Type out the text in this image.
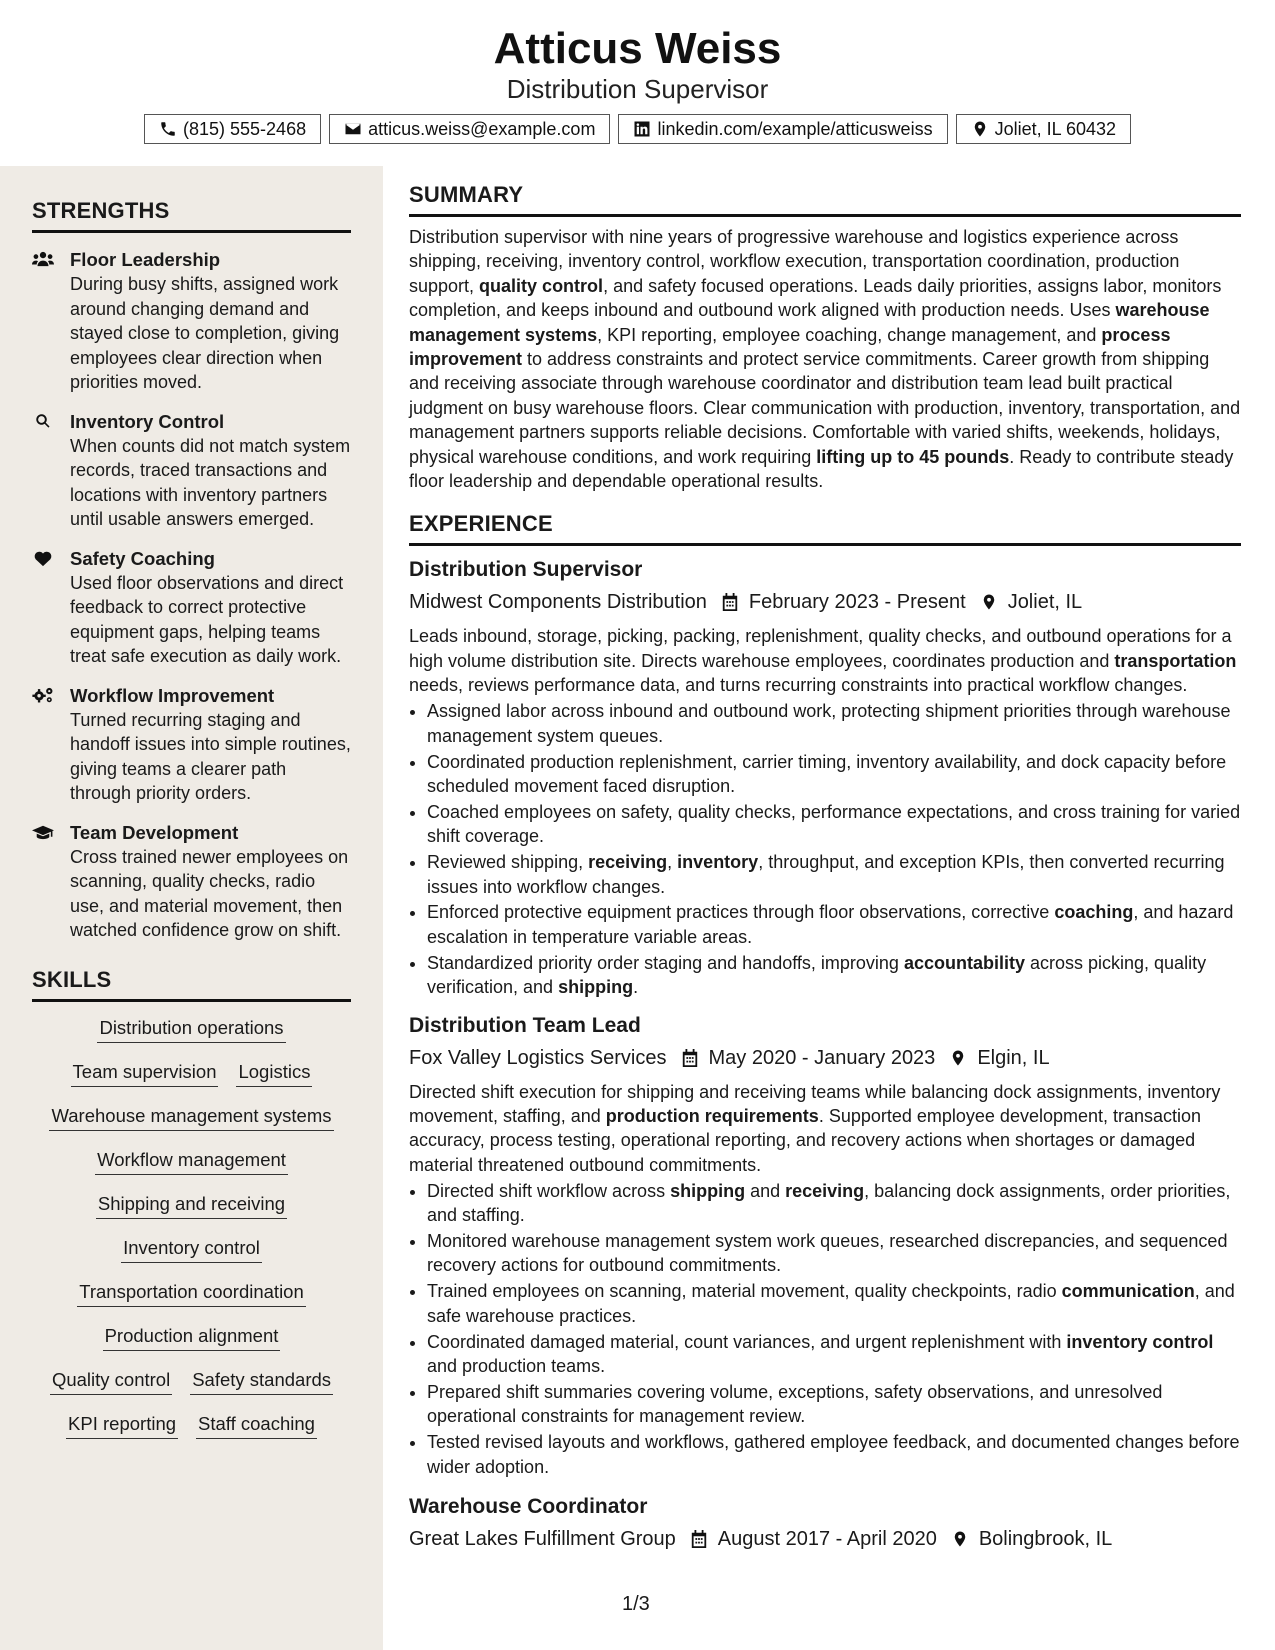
Atticus Weiss
Distribution Supervisor
(815) 555-2468	atticus.weiss@example.com	linkedin.com/example/atticusweiss	Joliet, IL 60432
STRENGTHS
Floor Leadership
During busy shifts, assigned work around changing demand and stayed close to completion, giving employees clear direction when priorities moved.
Inventory Control
When counts did not match system records, traced transactions and locations with inventory partners until usable answers emerged.
Safety Coaching
Used floor observations and direct feedback to correct protective equipment gaps, helping teams treat safe execution as daily work.
Workflow Improvement
Turned recurring staging and handoff issues into simple routines, giving teams a clearer path through priority orders.
Team Development
Cross trained newer employees on scanning, quality checks, radio use, and material movement, then watched confidence grow on shift.
SKILLS
Distribution operations
Team supervision Logistics
Warehouse management systems
Workflow management
Shipping and receiving
Inventory control
Transportation coordination
Production alignment
Quality control Safety standards
KPI reporting Staff coaching
SUMMARY

Distribution supervisor with nine years of progressive warehouse and logistics experience across shipping, receiving, inventory control, workflow execution, transportation coordination, production support, quality control, and safety focused operations. Leads daily priorities, assigns labor, monitors completion, and keeps inbound and outbound work aligned with production needs. Uses warehouse management systems, KPI reporting, employee coaching, change management, and process improvement to address constraints and protect service commitments. Career growth from shipping and receiving associate through warehouse coordinator and distribution team lead built practical judgment on busy warehouse floors. Clear communication with production, inventory, transportation, and management partners supports reliable decisions. Comfortable with varied shifts, weekends, holidays, physical warehouse conditions, and work requiring lifting up to 45 pounds. Ready to contribute steady floor leadership and dependable operational results.

EXPERIENCE
Distribution Supervisor
Midwest Components Distribution February 2023 - Present Joliet, IL

Leads inbound, storage, picking, packing, replenishment, quality checks, and outbound operations for a high volume distribution site. Directs warehouse employees, coordinates production and transportation needs, reviews performance data, and turns recurring constraints into practical workflow changes.

• Assigned labor across inbound and outbound work, protecting shipment priorities through warehouse management system queues.
• Coordinated production replenishment, carrier timing, inventory availability, and dock capacity before scheduled movement faced disruption.
• Coached employees on safety, quality checks, performance expectations, and cross training for varied shift coverage.
• Reviewed shipping, receiving, inventory, throughput, and exception KPIs, then converted recurring issues into workflow changes.
• Enforced protective equipment practices through floor observations, corrective coaching, and hazard escalation in temperature variable areas.
• Standardized priority order staging and handoffs, improving accountability across picking, quality verification, and shipping.
Distribution Team Lead
Fox Valley Logistics Services May 2020 - January 2023 Elgin, IL

Directed shift execution for shipping and receiving teams while balancing dock assignments, inventory movement, staffing, and production requirements. Supported employee development, transaction accuracy, process testing, operational reporting, and recovery actions when shortages or damaged material threatened outbound commitments.

• Directed shift workflow across shipping and receiving, balancing dock assignments, order priorities, and staffing.
• Monitored warehouse management system work queues, researched discrepancies, and sequenced recovery actions for outbound commitments.
• Trained employees on scanning, material movement, quality checkpoints, radio communication, and safe warehouse practices.
• Coordinated damaged material, count variances, and urgent replenishment with inventory control and production teams.
• Prepared shift summaries covering volume, exceptions, safety observations, and unresolved operational constraints for management review.
• Tested revised layouts and workflows, gathered employee feedback, and documented changes before wider adoption.
Warehouse Coordinator
Great Lakes Fulfillment Group August 2017 - April 2020 Bolingbrook, IL
1/3
